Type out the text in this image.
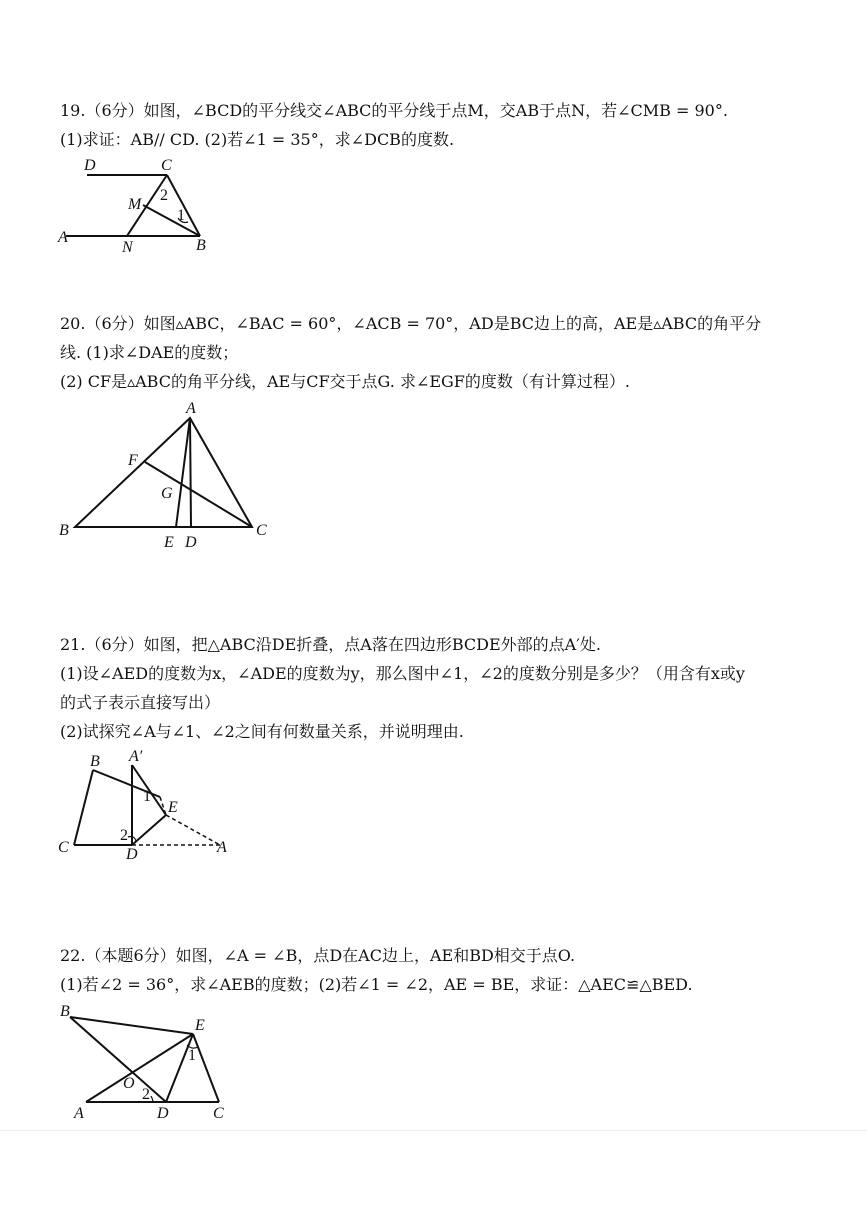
19.（6分）如图，∠BCD的平分线交∠ABC的平分线于点M，交AB于点N，若∠CMB = 90°.
(1)求证：AB// CD. (2)若∠1 = 35°，求∠DCB的度数.
D	C
M
2
1
A
N	B
20.（6分）如图▵ABC，∠BAC = 60°，∠ACB = 70°，AD是BC边上的高，AE是▵ABC的角平分
线. (1)求∠DAE的度数；
(2) CF是▵ABC的角平分线，AE与CF交于点G. 求∠EGF的度数（有计算过程）.
A
F
G
B
E D
C
21.（6分）如图，把△ABC沿DE折叠，点A落在四边形BCDE外部的点A′处.
(1)设∠AED的度数为x，∠ADE的度数为y，那么图中∠1，∠2的度数分别是多少？（用含有x或y
的式子表示直接写出）
(2)试探究∠A与∠1、∠2之间有何数量关系，并说明理由.
B A′
1
E
2
C	D	A
22.（本题6分）如图，∠A = ∠B，点D在AC边上，AE和BD相交于点O.
(1)若∠2 = 36°，求∠AEB的度数；(2)若∠1 = ∠2，AE = BE，求证：△AEC≌△BED.
B
E
1
O
2
A	D	C
